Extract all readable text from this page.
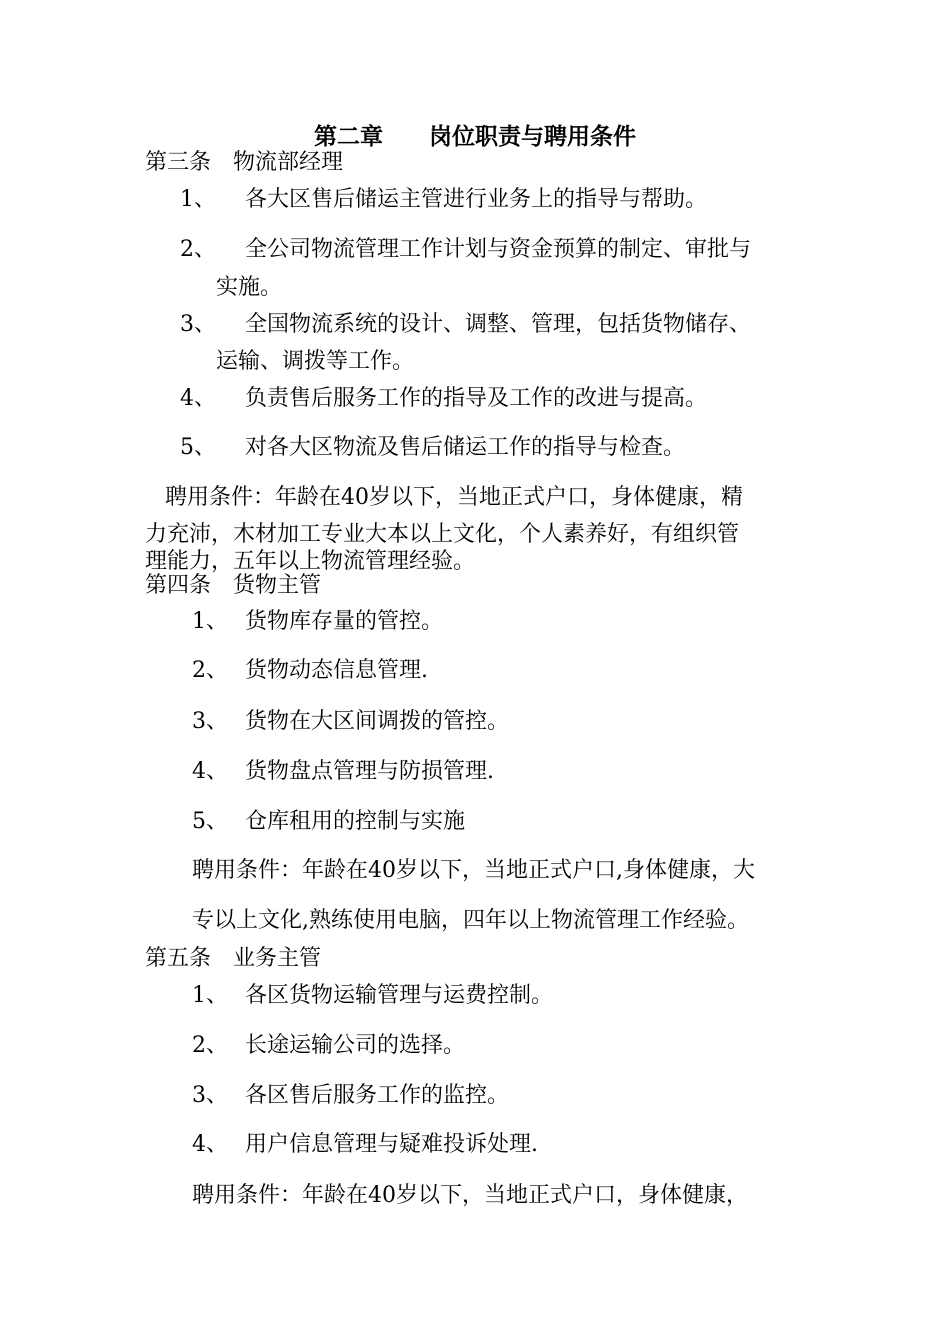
第二章　　岗位职责与聘用条件
第三条　物流部经理
1、 各大区售后储运主管进行业务上的指导与帮助。
2、 全公司物流管理工作计划与资金预算的制定、审批与
实施。
3、 全国物流系统的设计、调整、管理，包括货物储存、
运输、调拨等工作。
4、 负责售后服务工作的指导及工作的改进与提高。
5、 对各大区物流及售后储运工作的指导与检查。
聘用条件：年龄在40岁以下，当地正式户口，身体健康，精
力充沛，木材加工专业大本以上文化，个人素养好，有组织管
理能力，五年以上物流管理经验。
第四条　货物主管
1、 货物库存量的管控。
2、 货物动态信息管理.
3、 货物在大区间调拨的管控。
4、 货物盘点管理与防损管理.
5、 仓库租用的控制与实施
聘用条件：年龄在40岁以下，当地正式户口,身体健康，大
专以上文化,熟练使用电脑，四年以上物流管理工作经验。
第五条　业务主管
1、 各区货物运输管理与运费控制。
2、 长途运输公司的选择。
3、 各区售后服务工作的监控。
4、 用户信息管理与疑难投诉处理.
聘用条件：年龄在40岁以下，当地正式户口，身体健康，
